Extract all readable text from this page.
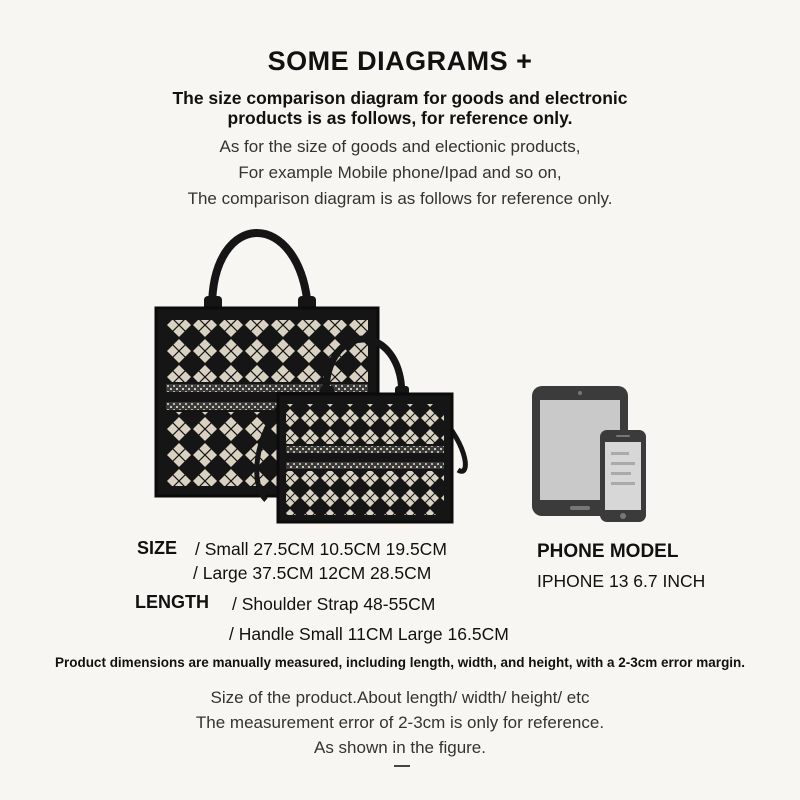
SOME DIAGRAMS +
The size comparison diagram for goods and electronic
products is as follows, for reference only.
As for the size of goods and electionic products,
For example Mobile phone/Ipad and so on,
The comparison diagram is as follows for reference only.
SIZE / Small 27.5CM 10.5CM 19.5CM
/ Large 37.5CM 12CM 28.5CM
LENGTH / Shoulder Strap 48-55CM
/ Handle Small 11CM Large 16.5CM
PHONE MODEL
IPHONE 13 6.7 INCH
Product dimensions are manually measured, including length, width, and height, with a 2-3cm error margin.
Size of the product.About length/ width/ height/ etc
The measurement error of 2-3cm is only for reference.
As shown in the figure.
